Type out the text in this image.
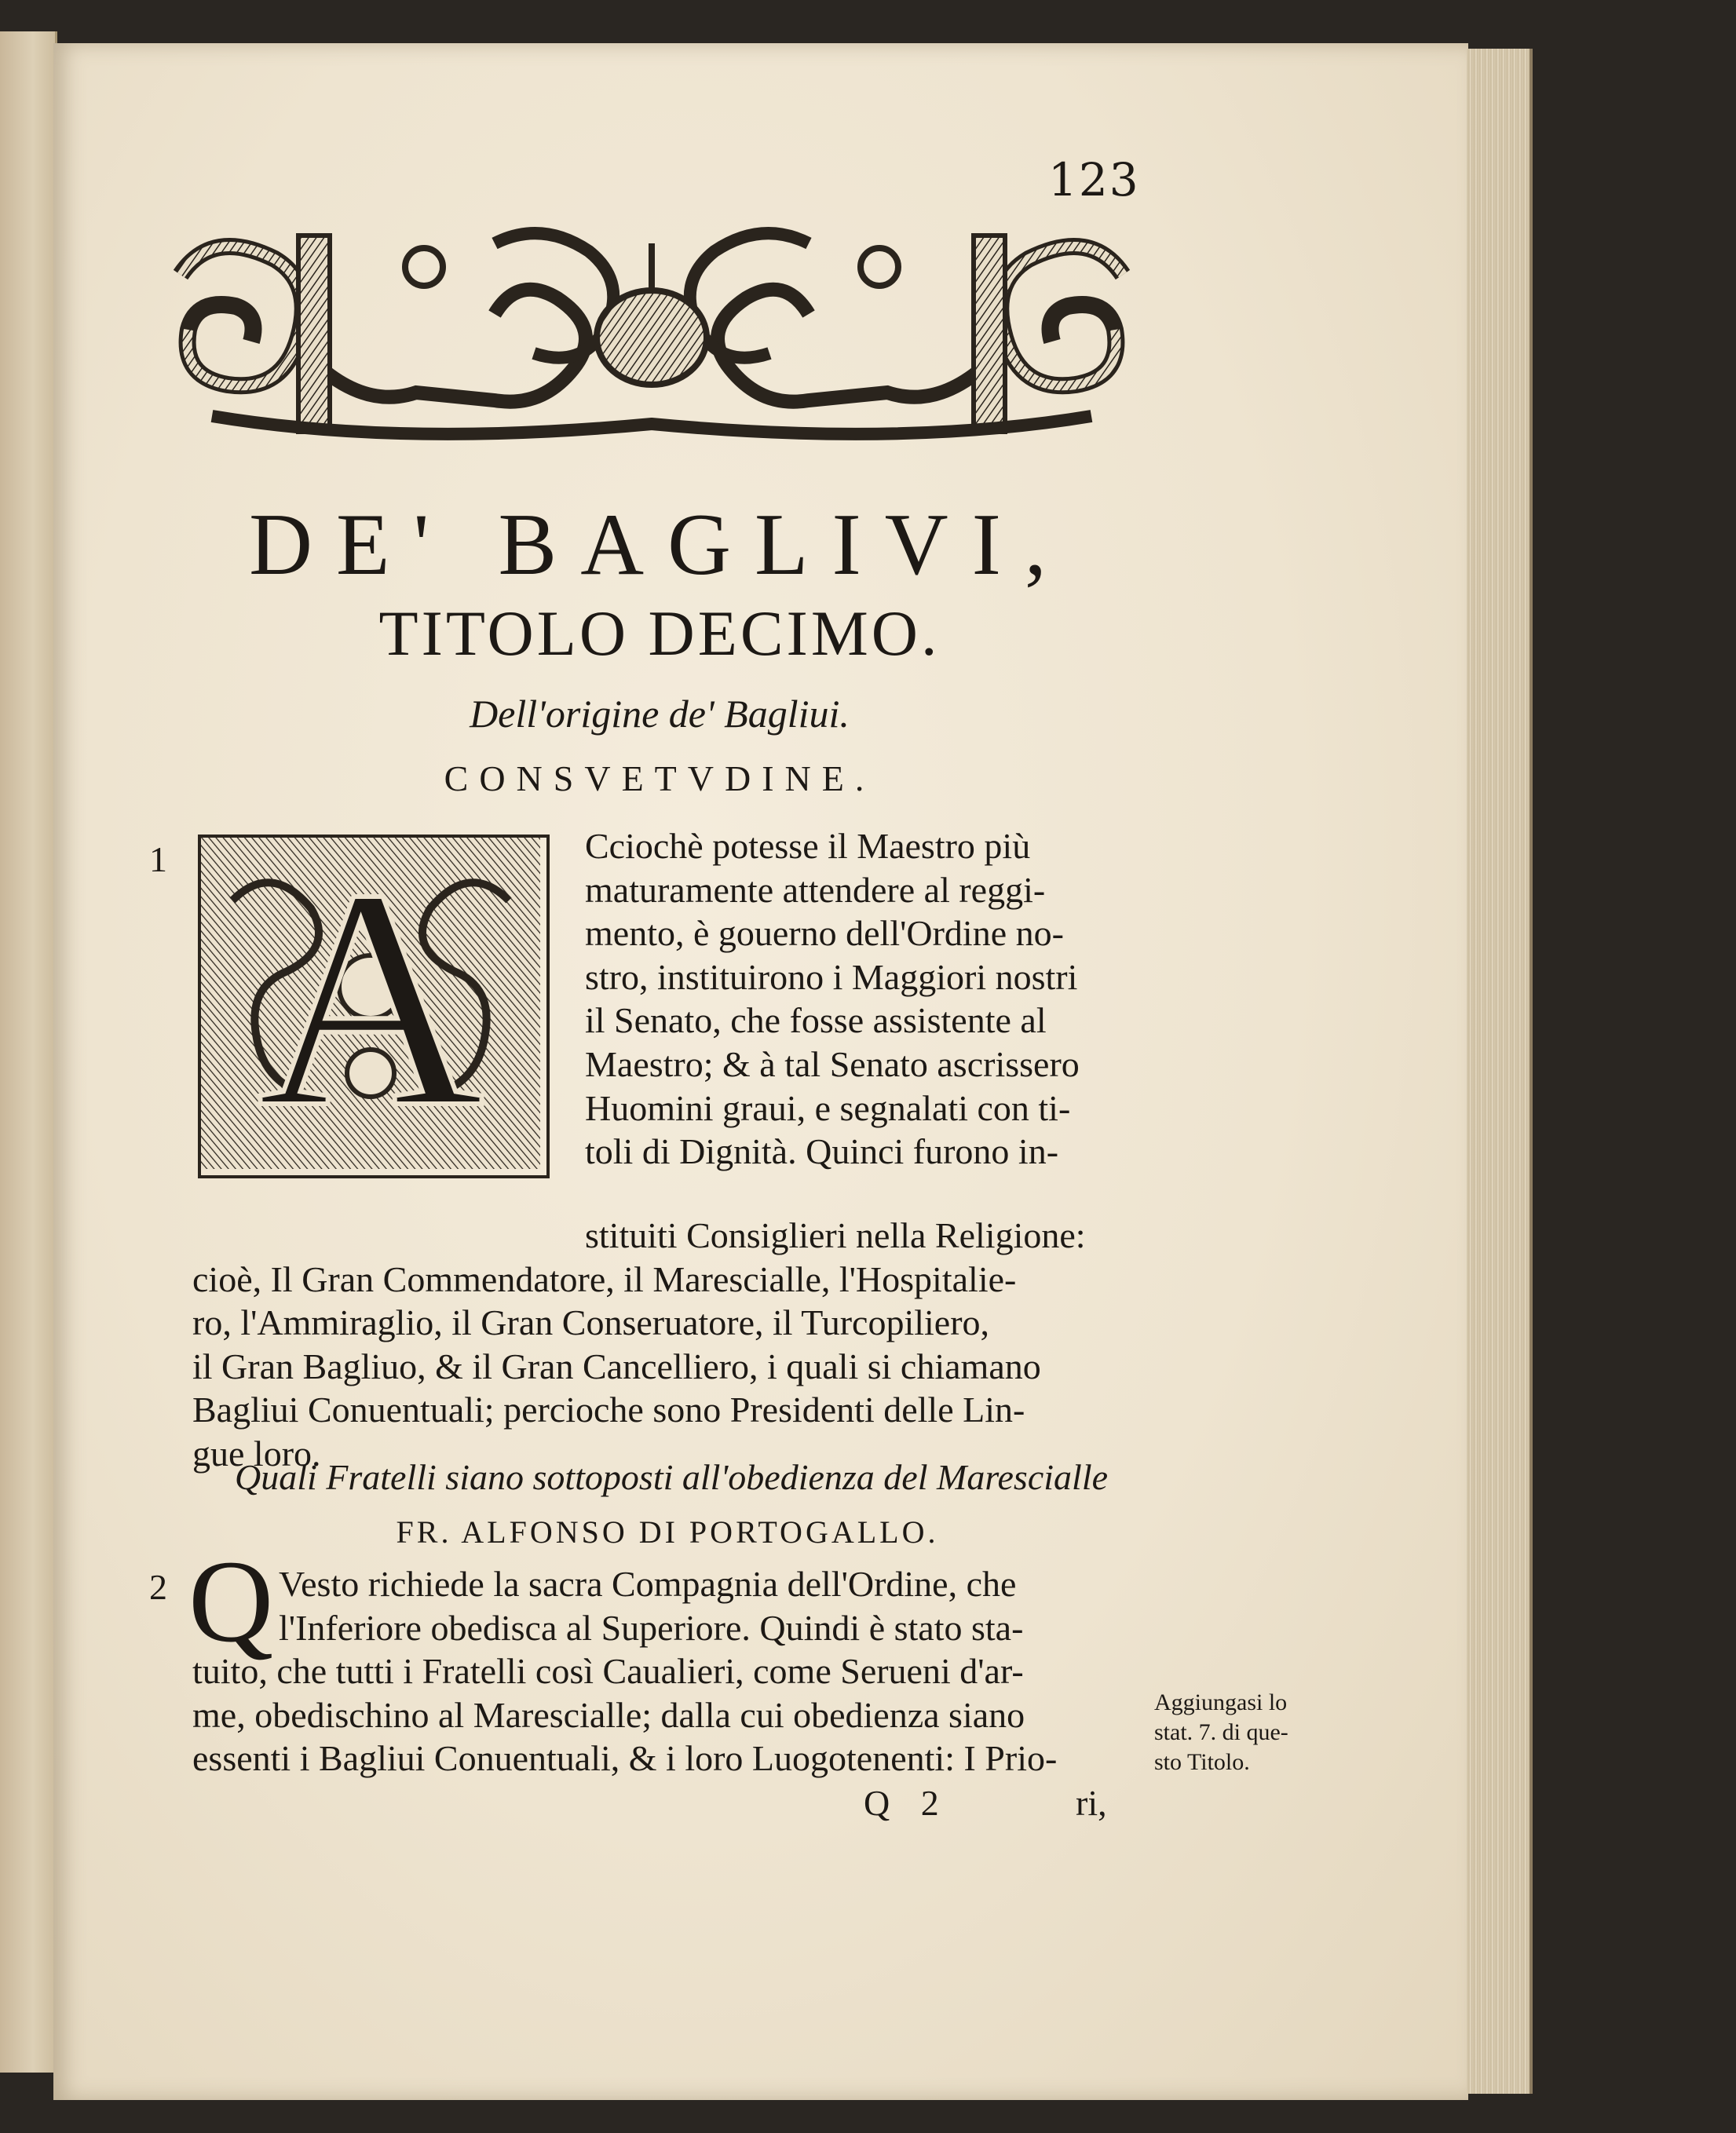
123
DE' BAGLIVI,
TITOLO DECIMO.
Dell'origine de' Bagliui.
CONSVETVDINE.
1 A	Cciochè potesse il Maestro più
maturamente attendere al reggi-
mento, è gouerno dell'Ordine no-
stro, instituirono i Maggiori nostri
il Senato, che fosse assistente al
Maestro; & à tal Senato ascrissero
Huomini graui, e segnalati con ti-
toli di Dignità. Quinci furono in-
stituiti Consiglieri nella Religione:
cioè, Il Gran Commendatore, il Marescialle, l'Hospitalie-
ro, l'Ammiraglio, il Gran Conseruatore, il Turcopiliero,
il Gran Bagliuo, & il Gran Cancelliero, i quali si chiamano
Bagliui Conuentuali; percioche sono Presidenti delle Lin-
gue loro.
Quali Fratelli siano sottoposti all'obedienza del Marescialle
FR. ALFONSO DI PORTOGALLO.
2 Q Vesto richiede la sacra Compagnia dell'Ordine, che
l'Inferiore obedisca al Superiore. Quindi è stato sta-
tuito, che tutti i Fratelli così Caualieri, come Serueni d'ar-
me, obedischino al Marescialle; dalla cui obedienza siano
essenti i Bagliui Conuentuali, & i loro Luogotenenti: I Prio-
Aggiungasi lo
stat. 7. di que-
sto Titolo.
Q 2	ri,
